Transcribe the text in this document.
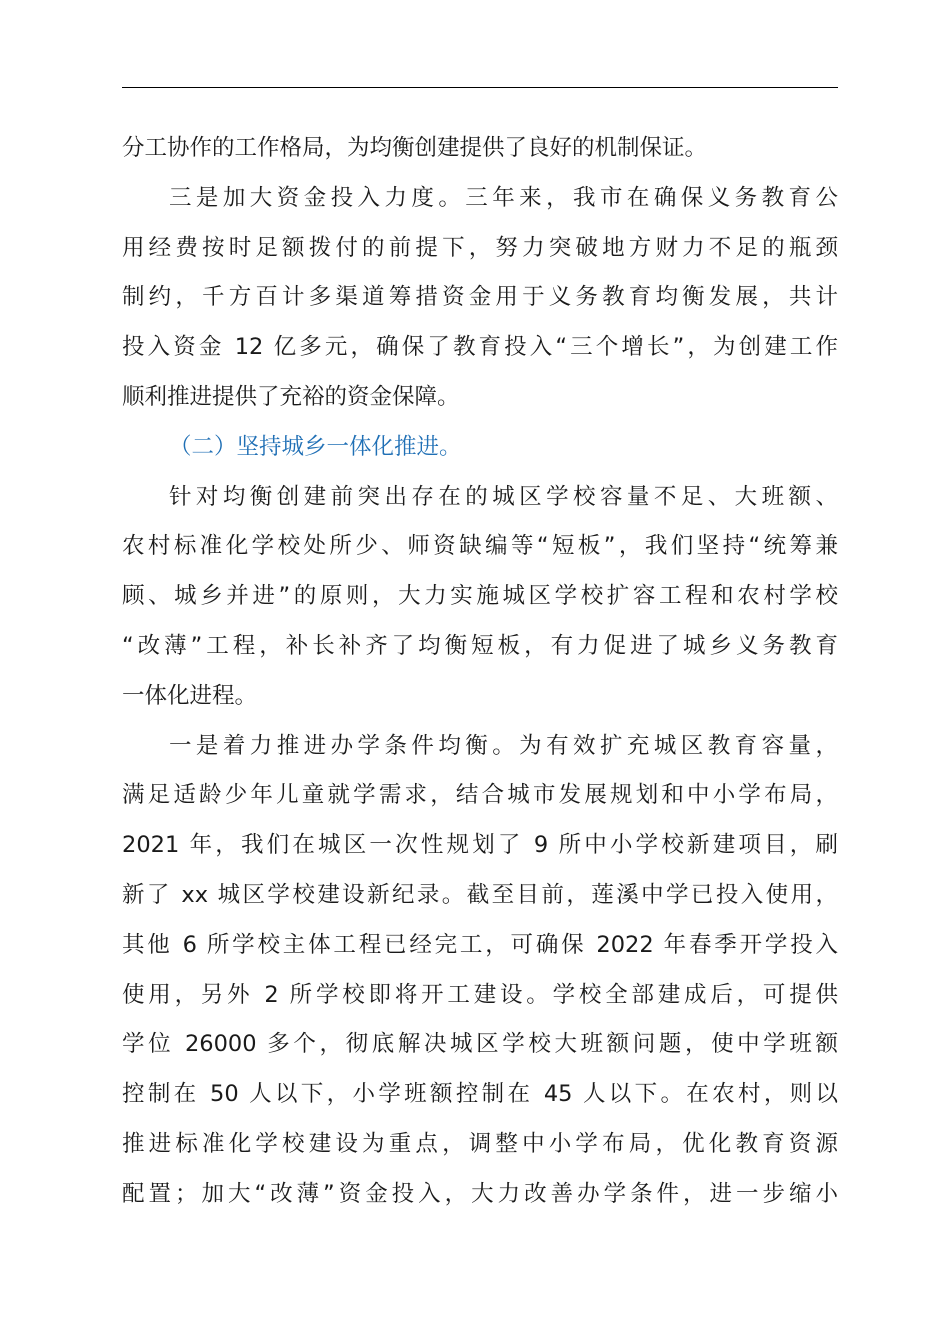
分工协作的工作格局，为均衡创建提供了良好的机制保证。
三是加大资金投入力度。三年来，我市在确保义务教育公
用经费按时足额拨付的前提下，努力突破地方财力不足的瓶颈
制约，千方百计多渠道筹措资金用于义务教育均衡发展，共计
投入资金 12 亿多元，确保了教育投入“三个增长”，为创建工作
顺利推进提供了充裕的资金保障。
（二）坚持城乡一体化推进。
针对均衡创建前突出存在的城区学校容量不足、大班额、
农村标准化学校处所少、师资缺编等“短板”，我们坚持“统筹兼
顾、城乡并进”的原则，大力实施城区学校扩容工程和农村学校
“改薄”工程，补长补齐了均衡短板，有力促进了城乡义务教育
一体化进程。
一是着力推进办学条件均衡。为有效扩充城区教育容量，
满足适龄少年儿童就学需求，结合城市发展规划和中小学布局，
2021 年，我们在城区一次性规划了 9 所中小学校新建项目，刷
新了 xx 城区学校建设新纪录。截至目前，莲溪中学已投入使用，
其他 6 所学校主体工程已经完工，可确保 2022 年春季开学投入
使用，另外 2 所学校即将开工建设。学校全部建成后，可提供
学位 26000 多个，彻底解决城区学校大班额问题，使中学班额
控制在 50 人以下，小学班额控制在 45 人以下。在农村，则以
推进标准化学校建设为重点，调整中小学布局，优化教育资源
配置；加大“改薄”资金投入，大力改善办学条件，进一步缩小
